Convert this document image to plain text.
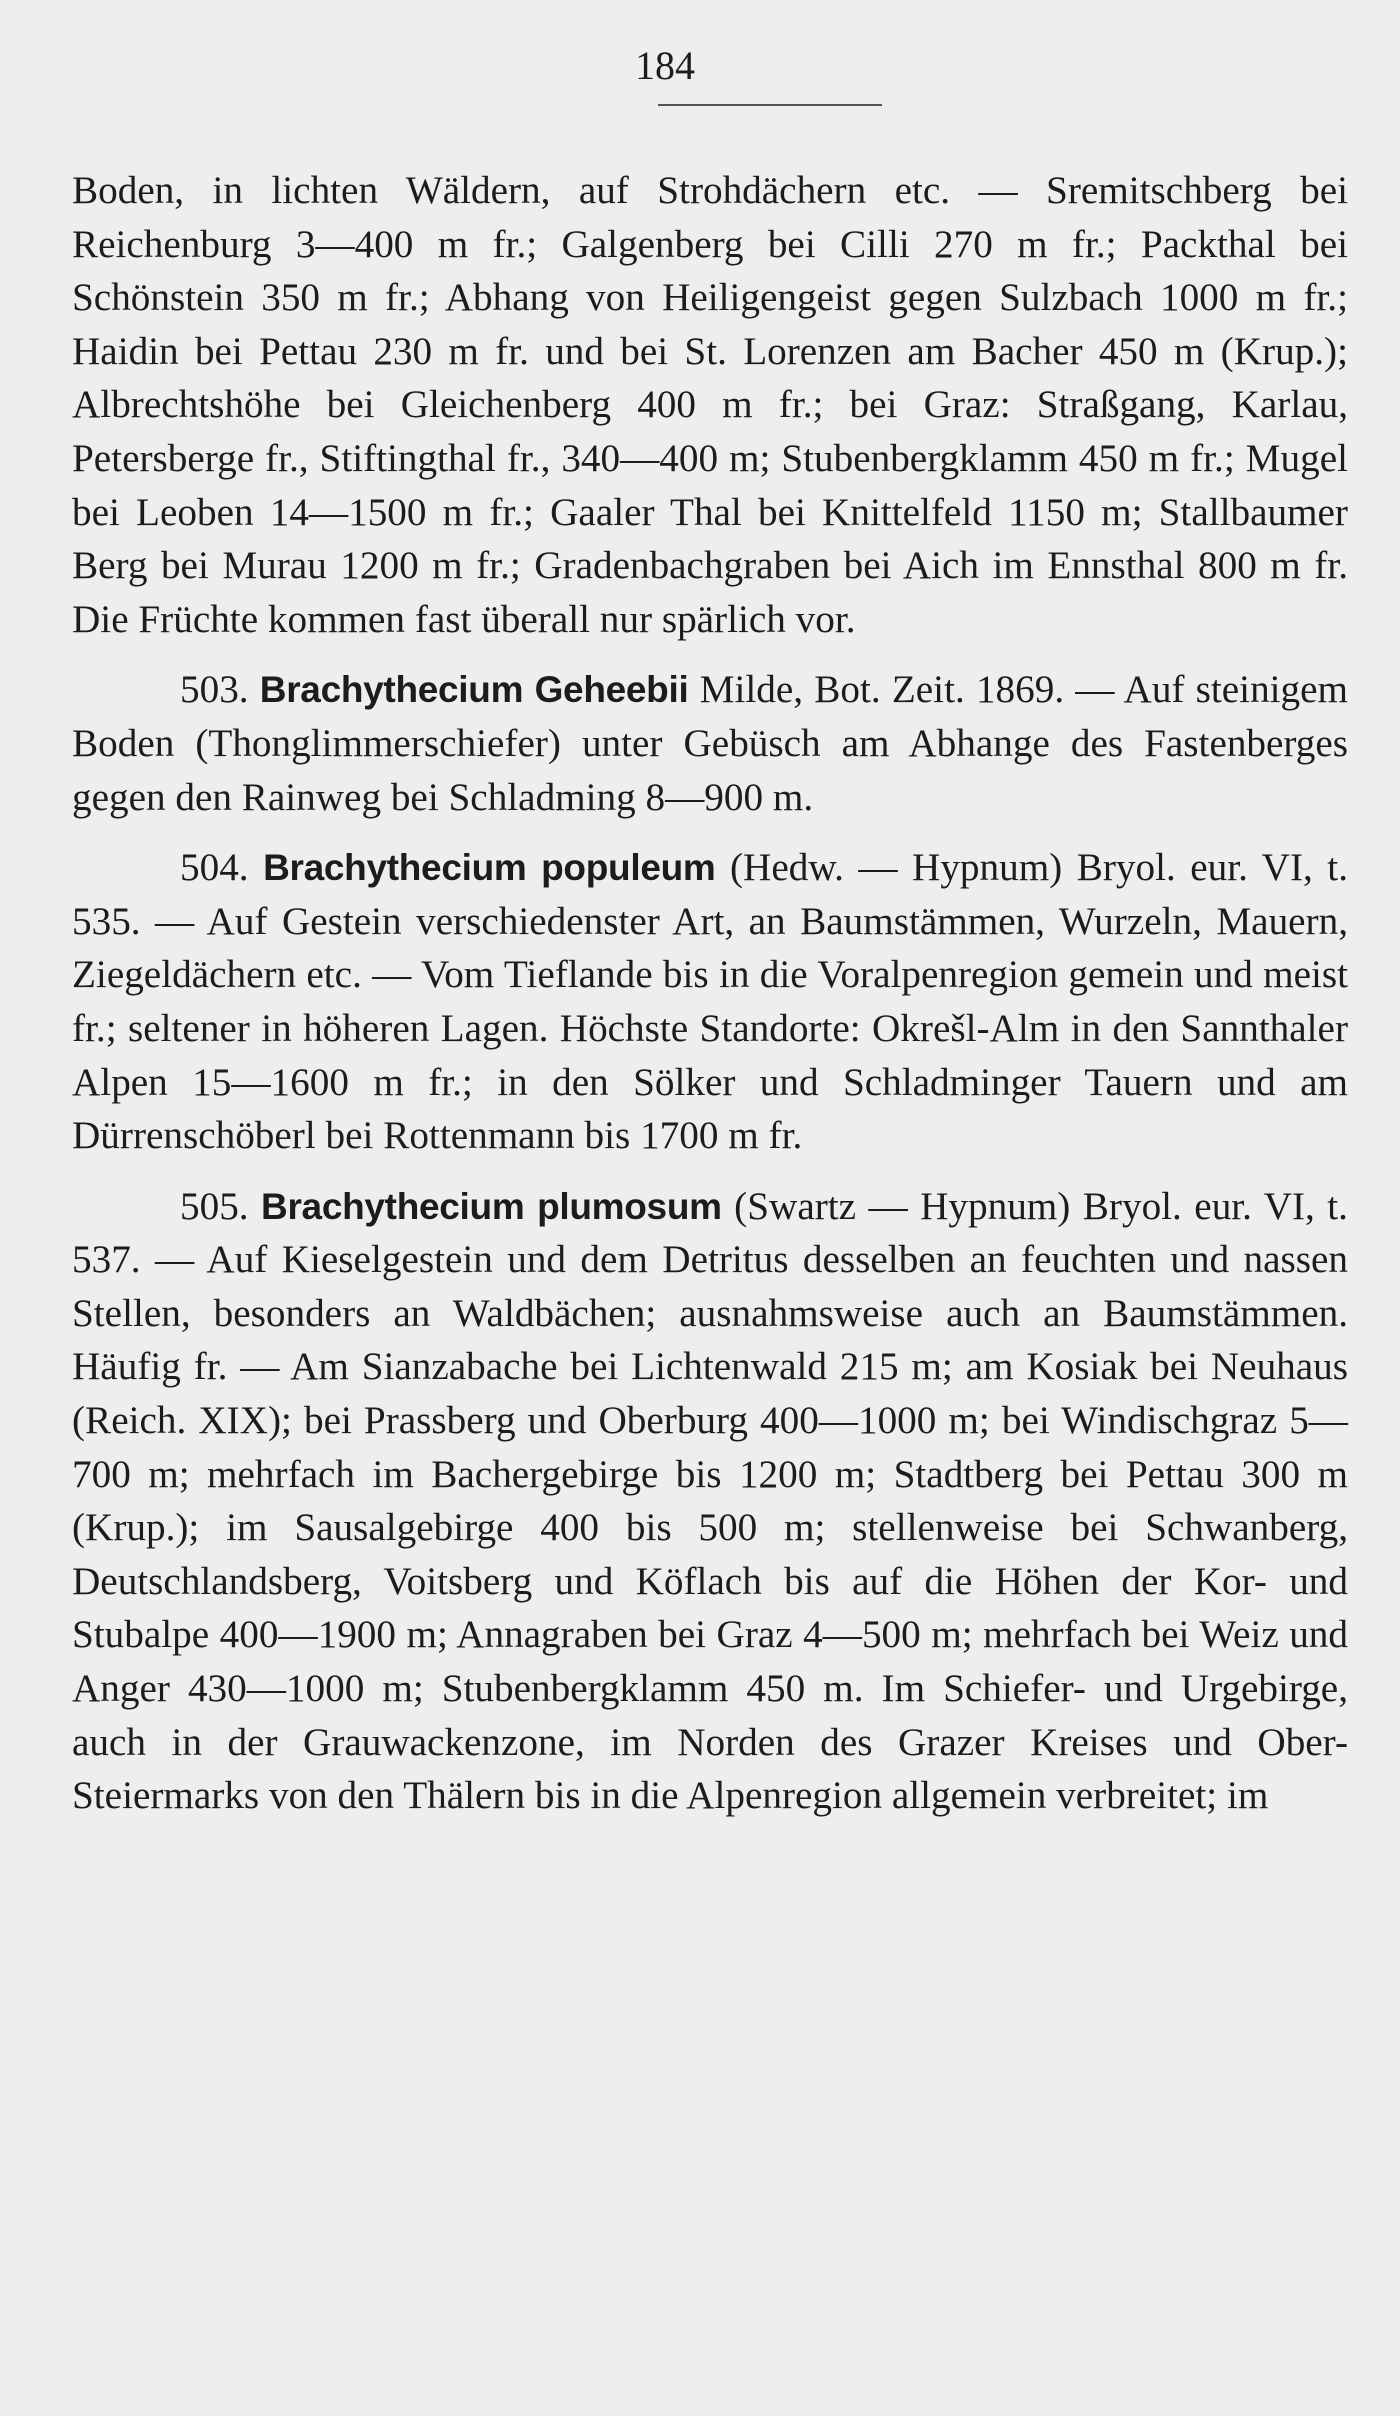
184

Boden, in lichten Wäldern, auf Strohdächern etc. — Sremitschberg bei Reichenburg 3—400 m fr.; Galgenberg bei Cilli 270 m fr.; Packthal bei Schönstein 350 m fr.; Abhang von Heiligengeist gegen Sulzbach 1000 m fr.; Haidin bei Pettau 230 m fr. und bei St. Lorenzen am Bacher 450 m (Krup.); Albrechtshöhe bei Gleichenberg 400 m fr.; bei Graz: Straßgang, Karlau, Petersberge fr., Stiftingthal fr., 340—400 m; Stubenbergklamm 450 m fr.; Mugel bei Leoben 14—1500 m fr.; Gaaler Thal bei Knittelfeld 1150 m; Stallbaumer Berg bei Murau 1200 m fr.; Gradenbachgraben bei Aich im Ennsthal 800 m fr. Die Früchte kommen fast überall nur spärlich vor.

503. Brachythecium Geheebii Milde, Bot. Zeit. 1869. — Auf steinigem Boden (Thonglimmerschiefer) unter Gebüsch am Abhange des Fastenberges gegen den Rainweg bei Schladming 8—900 m.

504. Brachythecium populeum (Hedw. — Hypnum) Bryol. eur. VI, t. 535. — Auf Gestein verschiedenster Art, an Baumstämmen, Wurzeln, Mauern, Ziegeldächern etc. — Vom Tieflande bis in die Voralpenregion gemein und meist fr.; seltener in höheren Lagen. Höchste Standorte: Okrešl-Alm in den Sannthaler Alpen 15—1600 m fr.; in den Sölker und Schladminger Tauern und am Dürrenschöberl bei Rottenmann bis 1700 m fr.

505. Brachythecium plumosum (Swartz — Hypnum) Bryol. eur. VI, t. 537. — Auf Kieselgestein und dem Detritus desselben an feuchten und nassen Stellen, besonders an Waldbächen; ausnahmsweise auch an Baumstämmen. Häufig fr. — Am Sianzabache bei Lichtenwald 215 m; am Kosiak bei Neuhaus (Reich. XIX); bei Prassberg und Oberburg 400—1000 m; bei Windischgraz 5—700 m; mehrfach im Bachergebirge bis 1200 m; Stadtberg bei Pettau 300 m (Krup.); im Sausalgebirge 400 bis 500 m; stellenweise bei Schwanberg, Deutschlandsberg, Voitsberg und Köflach bis auf die Höhen der Kor- und Stubalpe 400—1900 m; Annagraben bei Graz 4—500 m; mehrfach bei Weiz und Anger 430—1000 m; Stubenbergklamm 450 m. Im Schiefer- und Urgebirge, auch in der Grauwackenzone, im Norden des Grazer Kreises und Ober-Steiermarks von den Thälern bis in die Alpenregion allgemein verbreitet; im
